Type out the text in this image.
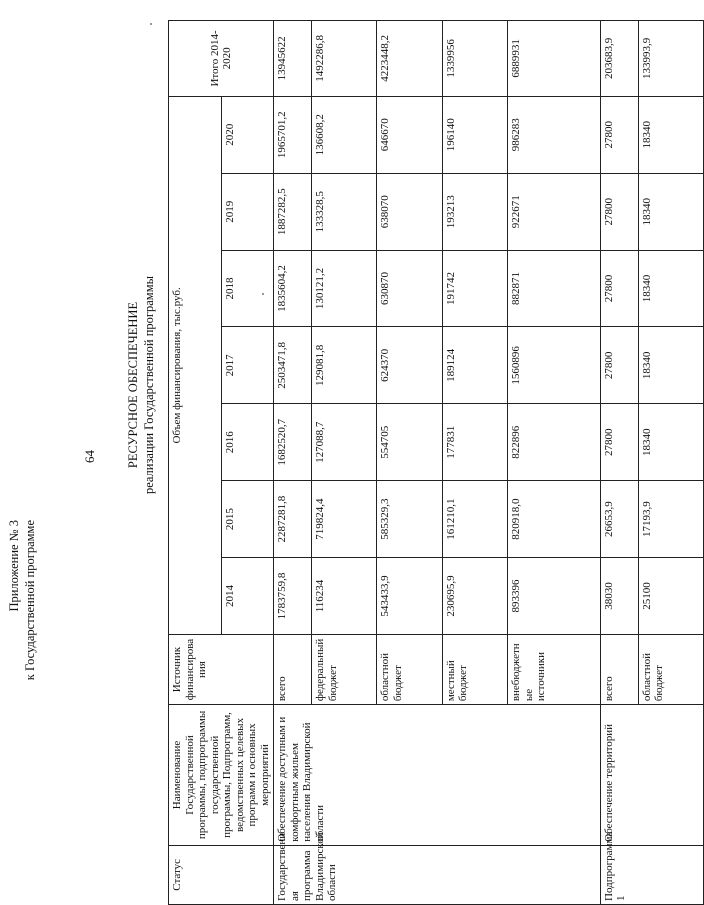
64
Приложение № 3 к Государственной программе
РЕСУРСНОЕ ОБЕСПЕЧЕНИЕ реализации Государственной программы
Статус	Наименование Государственной программы, подпрограммы государственной программы, Подпрограмм, ведомственных целевых программ и основных мероприятий	Источник финансирова ния	Объем финансирования, тыс.руб.							Итого 2014-2020
			2014	2015	2016	2017	2018	2019	2020	
Государствени ая программа Владимирской области	Обеспечение доступным и комфортным жильем населения Владимирской области	всего	1783759,8	2287281,8	1682520,7	2503471,8	1835604,2	1887282,5	1965701,2	13945622
		федеральный бюджет	116234	719824,4	127088,7	129081,8	130121,2	133328,5	136608,2	1492286,8
		областной бюджет	543433,9	585329,3	554705	624370	630870	638070	646670	4223448,2
		местный бюджет	230695,9	161210,1	177831	189124	191742	193213	196140	1339956
		внебюджетн ые источники	893396	820918,0	822896	1560896	882871	922671	986283	6889931
Подпрограмма 1	Обеспечение территорий	всего	38030	26653,9	27800	27800	27800	27800	27800	203683,9
		областной бюджет	25100	17193,9	18340	18340	18340	18340	18340	133993,9
